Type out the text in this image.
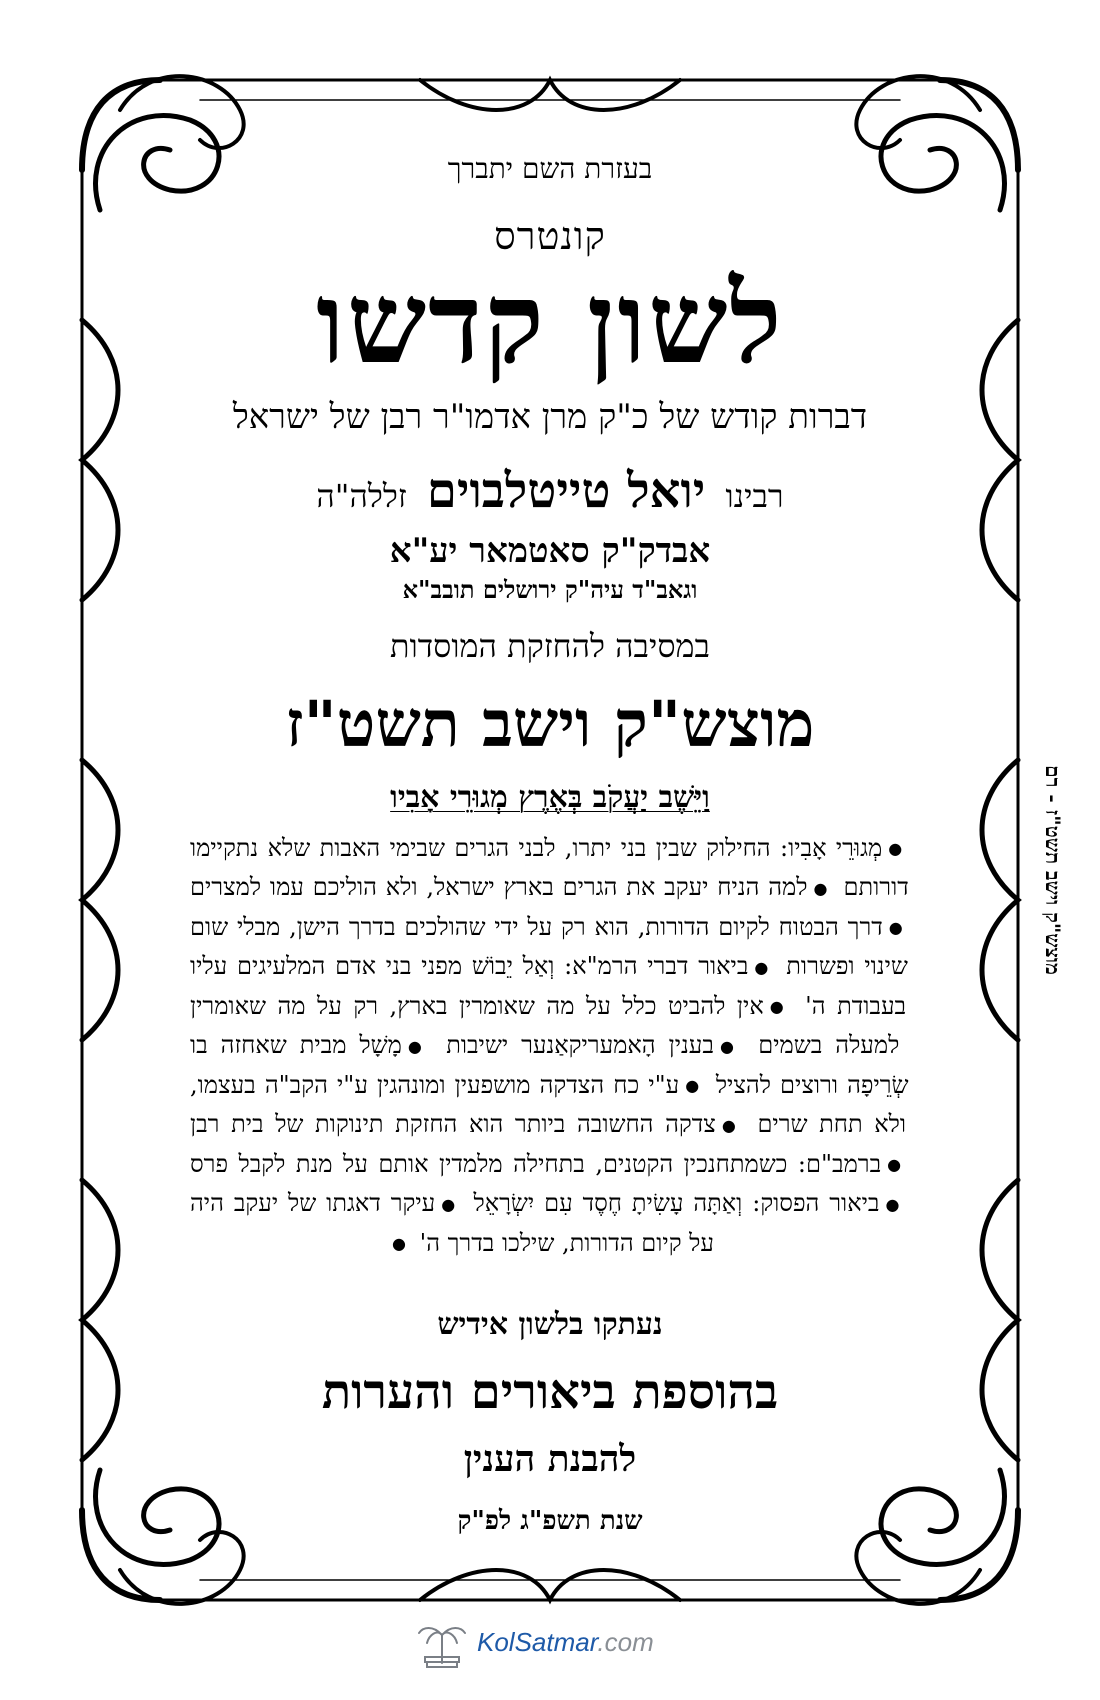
בעזרת השם יתברך
קונטרס
לשון קדשו
דברות קודש של כ"ק מרן אדמו"ר רבן של ישראל
רבינו יואל טייטלבוים זללה"ה
אבדק"ק סאטמאר יע"א
וגאב"ד עיה"ק ירושלים תובב"א
במסיבה להחזקת המוסדות
מוצש"ק וישב תשט"ז
וַיֵּשֶׁב יַעֲקֹב בְּאֶרֶץ מְגוּרֵי אָבִיו
●מְגוּרֵי אָבִיו: החילוק שבין בני יתרו, לבני הגרים שבימי האבות שלא נתקיימו דורותם ●למה הניח יעקב את הגרים בארץ ישראל, ולא הוליכם עמו למצרים ●דרך הבטוח לקיום הדורות, הוא רק על ידי שהולכים בדרך הישן, מבלי שום שינוי ופשרות ●ביאור דברי הרמ"א: וְאַל יֵבוֹשׁ מפני בני אדם המלעיגים עליו בעבודת ה' ●אין להביט כלל על מה שאומרין בארץ, רק על מה שאומרין למעלה בשמים ●בענין הָאמעריקאַנער ישיבות ●מָשָׁל מבית שאחזה בו שְׂרֵיפָה ורוצים להציל ●ע"י כח הצדקה מושפעין ומונהגין ע"י הקב"ה בעצמו, ולא תחת שרים ●צדקה החשובה ביותר הוא החזקת תינוקות של בית רבן ●ברמב"ם: כשמתחנכין הקטנים, בתחילה מלמדין אותם על מנת לקבל פרס ●ביאור הפסוק: וְאַתָּה עָשִׂיתָ חֶסֶד עִם יִשְׂרָאֵל ●עיקר דאגתו של יעקב היה על קיום הדורות, שילכו בדרך ה' ●
נעתקו בלשון אידיש
בהוספת ביאורים והערות
להבנת הענין
שנת תשפ"ג לפ"ק
מוצש"ק וישב תשט"ז - רם
KolSatmar.com
